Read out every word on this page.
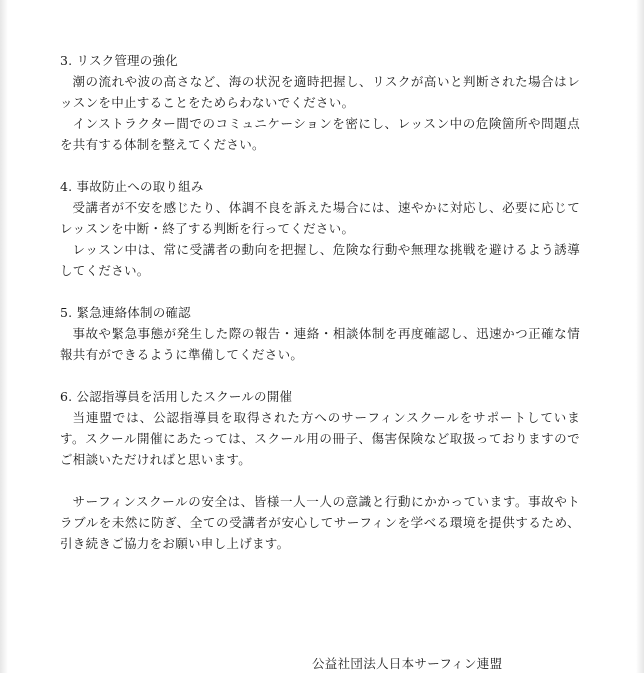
3. リスク管理の強化

潮の流れや波の高さなど、海の状況を適時把握し、リスクが高いと判断された場合はレッスンを中止することをためらわないでください。

インストラクター間でのコミュニケーションを密にし、レッスン中の危険箇所や問題点を共有する体制を整えてください。

4. 事故防止への取り組み

受講者が不安を感じたり、体調不良を訴えた場合には、速やかに対応し、必要に応じてレッスンを中断・終了する判断を行ってください。

レッスン中は、常に受講者の動向を把握し、危険な行動や無理な挑戦を避けるよう誘導してください。

5. 緊急連絡体制の確認

事故や緊急事態が発生した際の報告・連絡・相談体制を再度確認し、迅速かつ正確な情報共有ができるように準備してください。

6. 公認指導員を活用したスクールの開催

当連盟では、公認指導員を取得された方へのサーフィンスクールをサポートしています。スクール開催にあたっては、スクール用の冊子、傷害保険など取扱っておりますのでご相談いただければと思います。

サーフィンスクールの安全は、皆様一人一人の意識と行動にかかっています。事故やトラブルを未然に防ぎ、全ての受講者が安心してサーフィンを学べる環境を提供するため、引き続きご協力をお願い申し上げます。

公益社団法人日本サーフィン連盟
